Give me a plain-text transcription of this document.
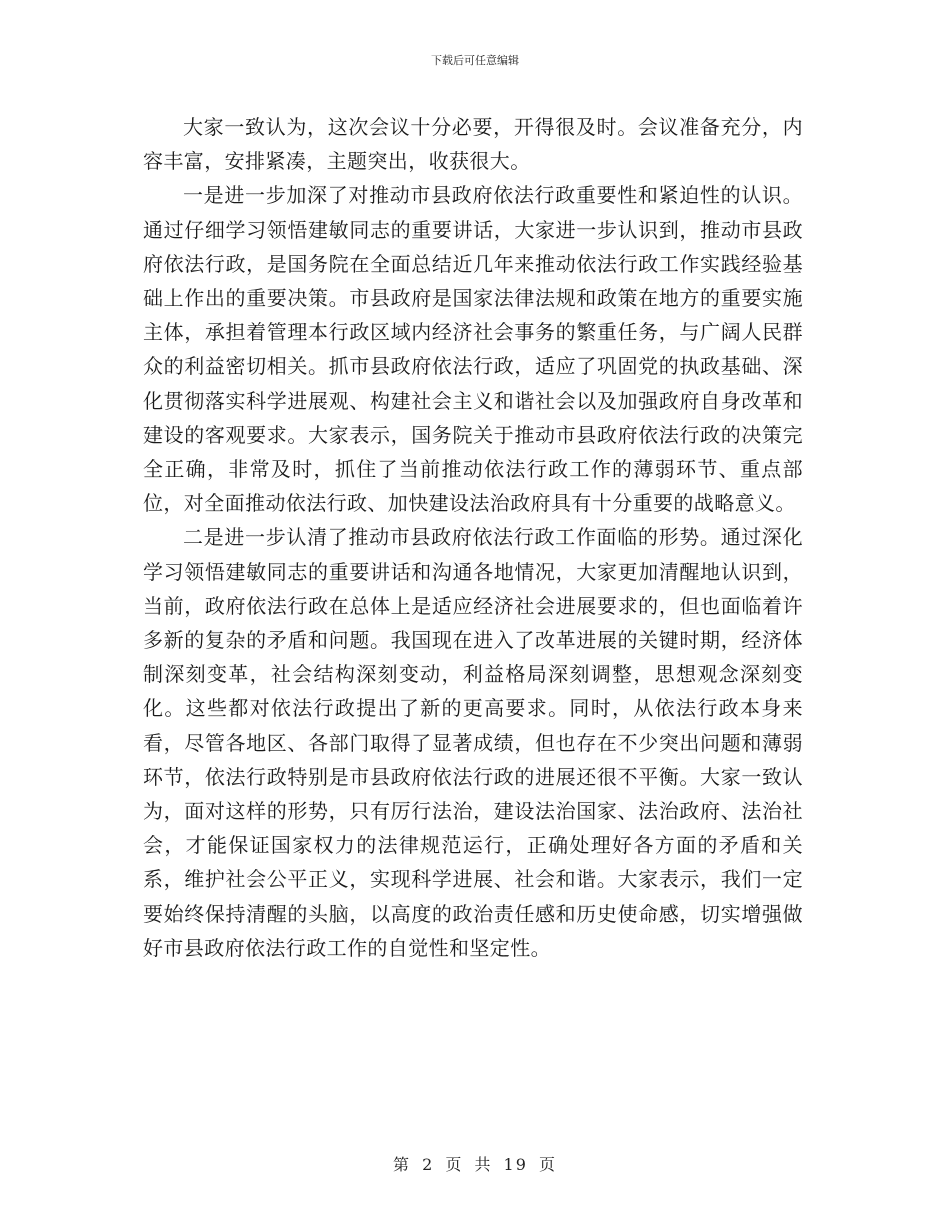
下载后可任意编辑

大家一致认为，这次会议十分必要，开得很及时。会议准备充分，内容丰富，安排紧凑，主题突出，收获很大。

一是进一步加深了对推动市县政府依法行政重要性和紧迫性的认识。通过仔细学习领悟建敏同志的重要讲话，大家进一步认识到，推动市县政府依法行政，是国务院在全面总结近几年来推动依法行政工作实践经验基础上作出的重要决策。市县政府是国家法律法规和政策在地方的重要实施主体，承担着管理本行政区域内经济社会事务的繁重任务，与广阔人民群众的利益密切相关。抓市县政府依法行政，适应了巩固党的执政基础、深化贯彻落实科学进展观、构建社会主义和谐社会以及加强政府自身改革和建设的客观要求。大家表示，国务院关于推动市县政府依法行政的决策完全正确，非常及时，抓住了当前推动依法行政工作的薄弱环节、重点部位，对全面推动依法行政、加快建设法治政府具有十分重要的战略意义。

二是进一步认清了推动市县政府依法行政工作面临的形势。通过深化学习领悟建敏同志的重要讲话和沟通各地情况，大家更加清醒地认识到，当前，政府依法行政在总体上是适应经济社会进展要求的，但也面临着许多新的复杂的矛盾和问题。我国现在进入了改革进展的关键时期，经济体制深刻变革，社会结构深刻变动，利益格局深刻调整，思想观念深刻变化。这些都对依法行政提出了新的更高要求。同时，从依法行政本身来看，尽管各地区、各部门取得了显著成绩，但也存在不少突出问题和薄弱环节，依法行政特别是市县政府依法行政的进展还很不平衡。大家一致认为，面对这样的形势，只有厉行法治，建设法治国家、法治政府、法治社会，才能保证国家权力的法律规范运行，正确处理好各方面的矛盾和关系，维护社会公平正义，实现科学进展、社会和谐。大家表示，我们一定要始终保持清醒的头脑，以高度的政治责任感和历史使命感，切实增强做好市县政府依法行政工作的自觉性和坚定性。

第 2 页 共 19 页
